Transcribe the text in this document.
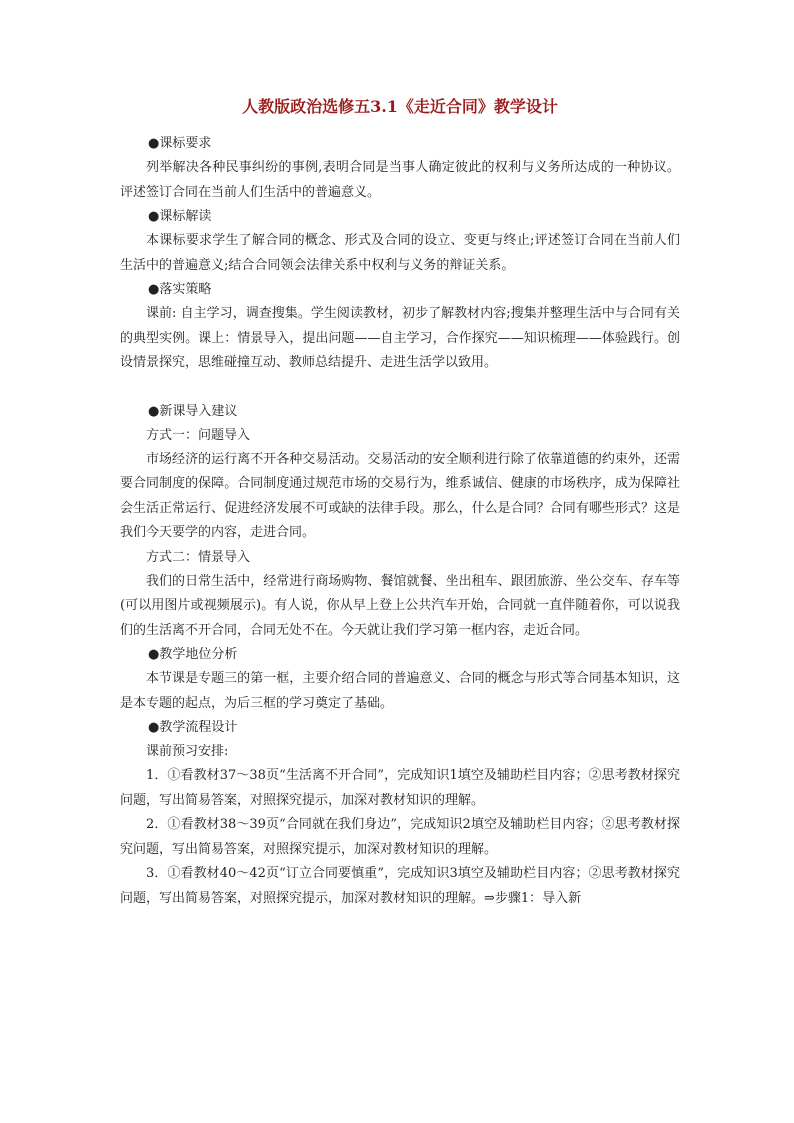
人教版政治选修五3.1《走近合同》教学设计

●课标要求

列举解决各种民事纠纷的事例,表明合同是当事人确定彼此的权利与义务所达成的一种协议。评述签订合同在当前人们生活中的普遍意义。

●课标解读

本课标要求学生了解合同的概念、形式及合同的设立、变更与终止;评述签订合同在当前人们生活中的普遍意义;结合合同领会法律关系中权利与义务的辩证关系。

●落实策略

课前: 自主学习，调查搜集。学生阅读教材，初步了解教材内容;搜集并整理生活中与合同有关的典型实例。课上：情景导入，提出问题——自主学习，合作探究——知识梳理——体验践行。创设情景探究，思维碰撞互动、教师总结提升、走进生活学以致用。

●新课导入建议

方式一：问题导入

市场经济的运行离不开各种交易活动。交易活动的安全顺利进行除了依靠道德的约束外，还需要合同制度的保障。合同制度通过规范市场的交易行为，维系诚信、健康的市场秩序，成为保障社会生活正常运行、促进经济发展不可或缺的法律手段。那么，什么是合同？合同有哪些形式？这是我们今天要学的内容，走进合同。

方式二：情景导入

我们的日常生活中，经常进行商场购物、餐馆就餐、坐出租车、跟团旅游、坐公交车、存车等(可以用图片或视频展示)。有人说，你从早上登上公共汽车开始，合同就一直伴随着你，可以说我们的生活离不开合同，合同无处不在。今天就让我们学习第一框内容，走近合同。

●教学地位分析

本节课是专题三的第一框，主要介绍合同的普遍意义、合同的概念与形式等合同基本知识，这是本专题的起点，为后三框的学习奠定了基础。

●教学流程设计

课前预习安排:

1．①看教材37～38页“生活离不开合同”，完成知识1填空及辅助栏目内容；②思考教材探究问题，写出简易答案，对照探究提示，加深对教材知识的理解。

2．①看教材38～39页“合同就在我们身边”，完成知识2填空及辅助栏目内容；②思考教材探究问题，写出简易答案，对照探究提示，加深对教材知识的理解。

3．①看教材40～42页“订立合同要慎重”，完成知识3填空及辅助栏目内容；②思考教材探究问题，写出简易答案，对照探究提示，加深对教材知识的理解。⇒步骤1：导入新
